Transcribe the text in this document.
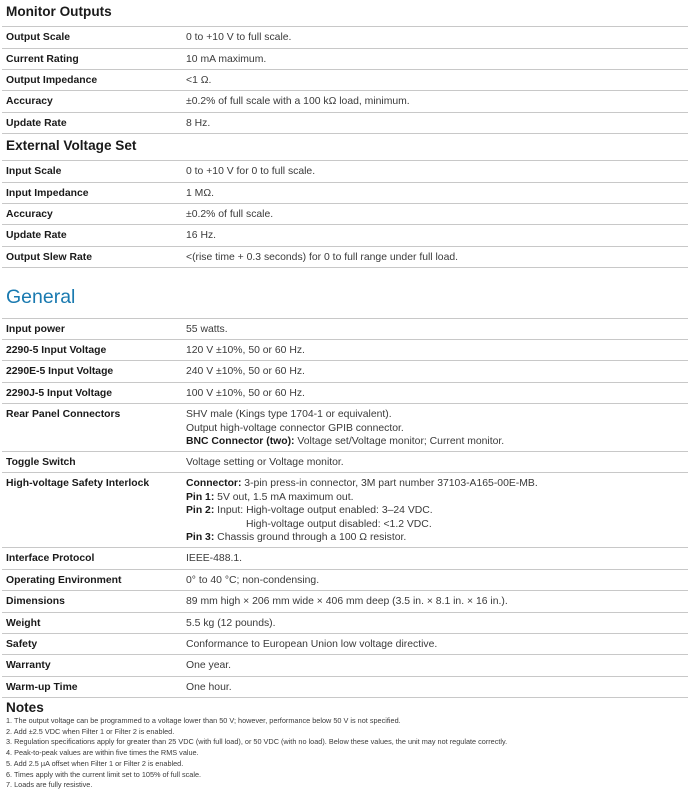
Monitor Outputs
Output Scale	0 to +10 V to full scale.
Current Rating	10 mA maximum.
Output Impedance	<1 Ω.
Accuracy	±0.2% of full scale with a 100 kΩ load, minimum.
Update Rate	8 Hz.
External Voltage Set
Input Scale	0 to +10 V for 0 to full scale.
Input Impedance	1 MΩ.
Accuracy	±0.2% of full scale.
Update Rate	16 Hz.
Output Slew Rate	<(rise time + 0.3 seconds) for 0 to full range under full load.
General
Input power	55 watts.
2290-5 Input Voltage	120 V ±10%, 50 or 60 Hz.
2290E-5 Input Voltage	240 V ±10%, 50 or 60 Hz.
2290J-5 Input Voltage	100 V ±10%, 50 or 60 Hz.
Rear Panel Connectors	SHV male (Kings type 1704-1 or equivalent).
Output high-voltage connector GPIB connector.
BNC Connector (two): Voltage set/Voltage monitor; Current monitor.

Toggle Switch	Voltage setting or Voltage monitor.
High-voltage Safety Interlock	Connector: 3-pin press-in connector, 3M part number 37103-A165-00E-MB.
Pin 1: 5V out, 1.5 mA maximum out.
Pin 2: Input: High-voltage output enabled: 3–24 VDC.
High-voltage output disabled: <1.2 VDC.
Pin 3: Chassis ground through a 100 Ω resistor.

Interface Protocol	IEEE-488.1.
Operating Environment	0° to 40 °C; non-condensing.
Dimensions	89 mm high × 206 mm wide × 406 mm deep (3.5 in. × 8.1 in. × 16 in.).
Weight	5.5 kg (12 pounds).
Safety	Conformance to European Union low voltage directive.
Warranty	One year.
Warm-up Time	One hour.
Notes
1. The output voltage can be programmed to a voltage lower than 50 V; however, performance below 50 V is not specified.
2. Add ±2.5 VDC when Filter 1 or Filter 2 is enabled.
3. Regulation specifications apply for greater than 25 VDC (with full load), or 50 VDC (with no load). Below these values, the unit may not regulate correctly.
4. Peak-to-peak values are within five times the RMS value.
5. Add 2.5 µA offset when Filter 1 or Filter 2 is enabled.
6. Times apply with the current limit set to 105% of full scale.
7. Loads are fully resistive.
